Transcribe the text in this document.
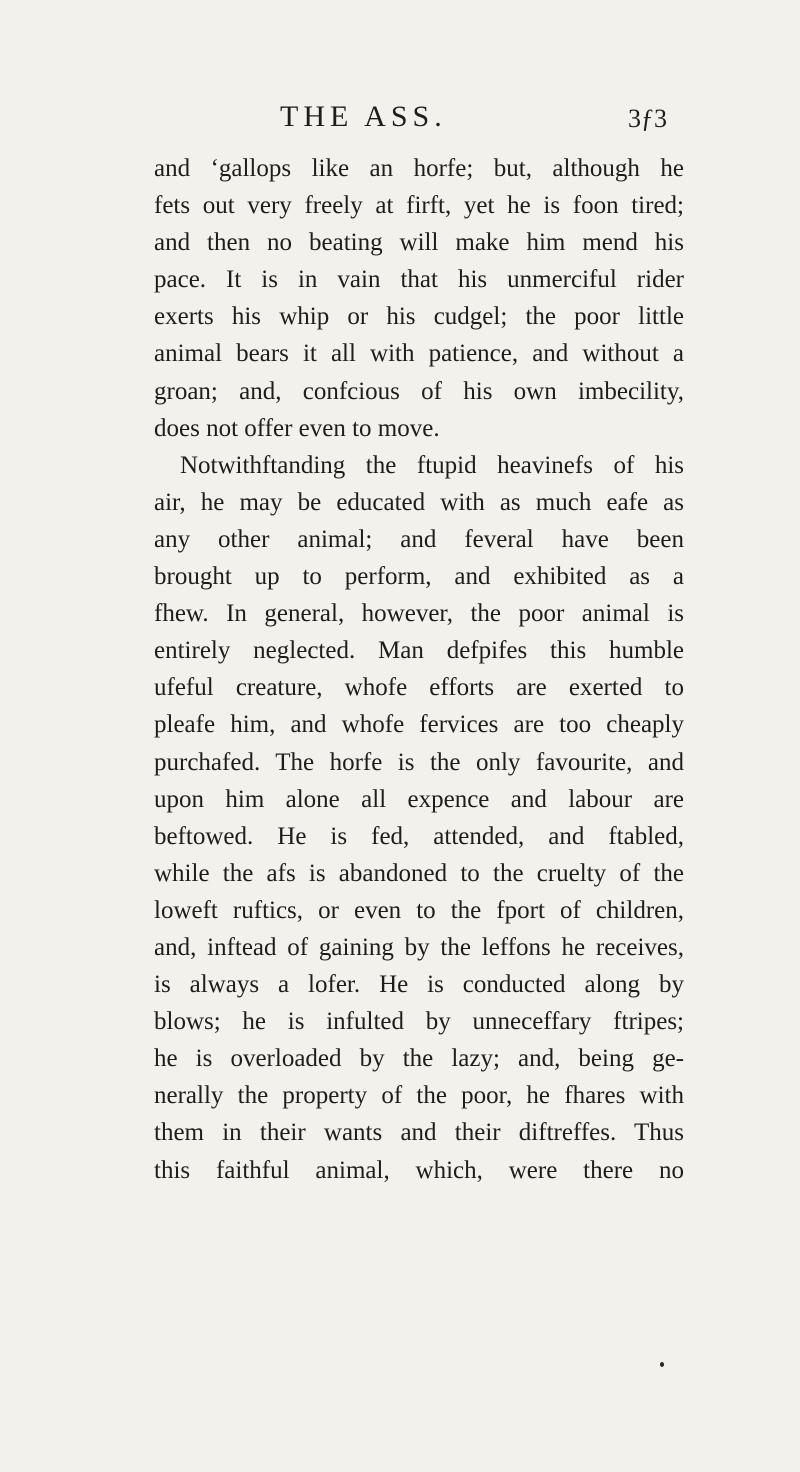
THE ASS.	3ƒ3
and ‘gallops like an horfe; but, although he
fets out very freely at firft, yet he is foon tired;
and then no beating will make him mend his
pace. It is in vain that his unmerciful rider
exerts his whip or his cudgel; the poor little
animal bears it all with patience, and without a
groan; and, confcious of his own imbecility,
does not offer even to move.
Notwithftanding the ftupid heavinefs of his
air, he may be educated with as much eafe as
any other animal; and feveral have been
brought up to perform, and exhibited as a
fhew. In general, however, the poor animal is
entirely neglected. Man defpifes this humble
ufeful creature, whofe efforts are exerted to
pleafe him, and whofe fervices are too cheaply
purchafed. The horfe is the only favourite, and
upon him alone all expence and labour are
beftowed. He is fed, attended, and ftabled,
while the afs is abandoned to the cruelty of the
loweft ruftics, or even to the fport of children,
and, inftead of gaining by the leffons he receives,
is always a lofer. He is conducted along by
blows; he is infulted by unneceffary ftripes;
he is overloaded by the lazy; and, being ge-
nerally the property of the poor, he fhares with
them in their wants and their diftreffes. Thus
this faithful animal, which, were there no
